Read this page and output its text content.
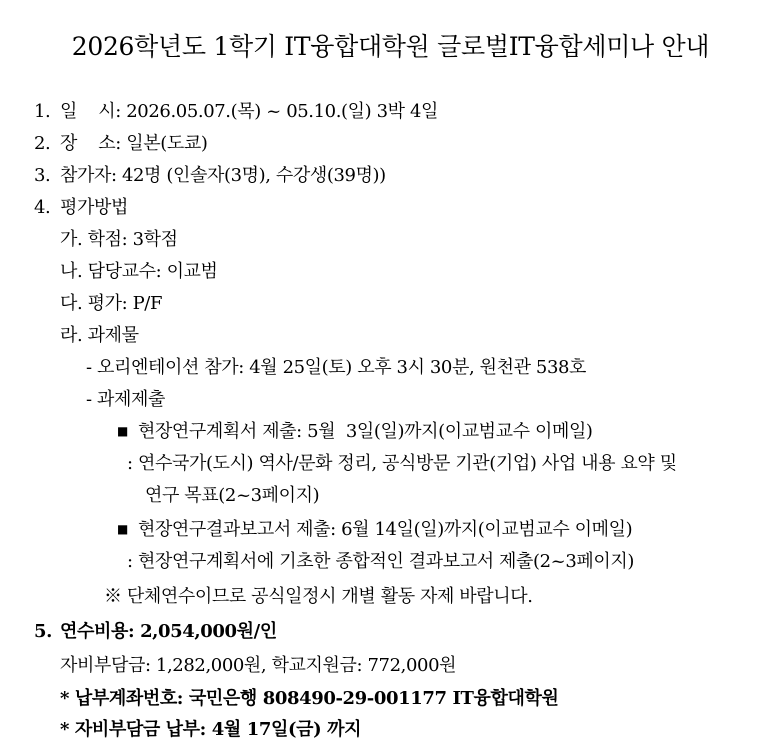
2026학년도 1학기 IT융합대학원 글로벌IT융합세미나 안내
1. 일    시: 2026.05.07.(목) ~ 05.10.(일) 3박 4일
2. 장    소: 일본(도쿄)
3. 참가자: 42명 (인솔자(3명), 수강생(39명))
4. 평가방법
가. 학점: 3학점
나. 담당교수: 이교범
다. 평가: P/F
라. 과제물
- 오리엔테이션 참가: 4월 25일(토) 오후 3시 30분, 원천관 538호
- 과제제출
■ 현장연구계획서 제출: 5월  3일(일)까지(이교범교수 이메일)
: 연수국가(도시) 역사/문화 정리, 공식방문 기관(기업) 사업 내용 요약 및
연구 목표(2~3페이지)
■ 현장연구결과보고서 제출: 6월 14일(일)까지(이교범교수 이메일)
: 현장연구계획서에 기초한 종합적인 결과보고서 제출(2~3페이지)
※ 단체연수이므로 공식일정시 개별 활동 자제 바랍니다.
5. 연수비용: 2,054,000원/인
자비부담금: 1,282,000원, 학교지원금: 772,000원
* 납부계좌번호: 국민은행 808490-29-001177 IT융합대학원
* 자비부담금 납부: 4월 17일(금) 까지
